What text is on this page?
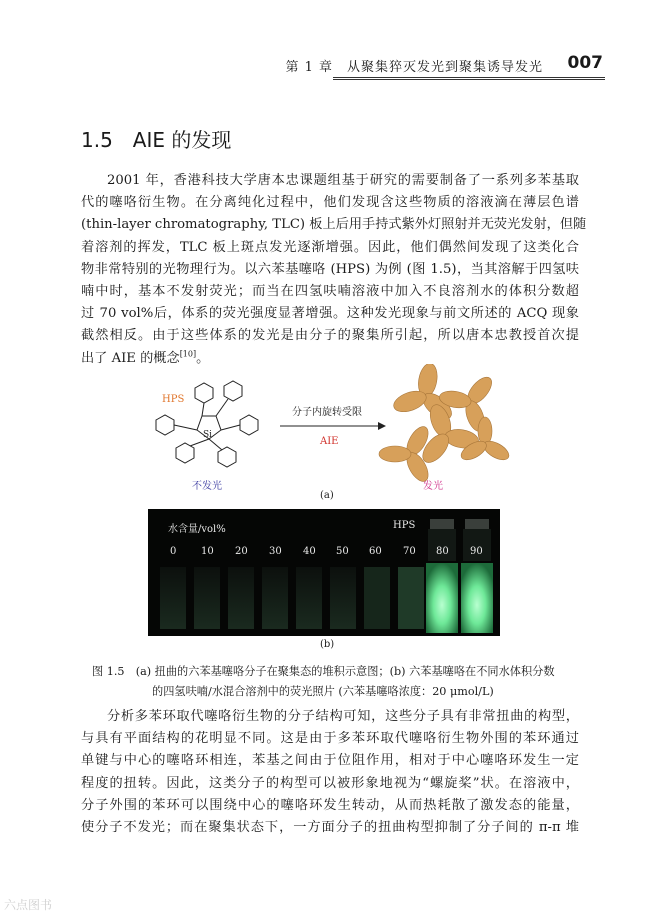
第 1 章　从聚集猝灭发光到聚集诱导发光 007
1.5　AIE 的发现
2001 年，香港科技大学唐本忠课题组基于研究的需要制备了一系列多苯基取
代的噻咯衍生物。在分离纯化过程中，他们发现含这些物质的溶液滴在薄层色谱
(thin-layer chromatography, TLC) 板上后用手持式紫外灯照射并无荧光发射，但随
着溶剂的挥发，TLC 板上斑点发光逐渐增强。因此，他们偶然间发现了这类化合
物非常特别的光物理行为。以六苯基噻咯 (HPS) 为例 (图 1.5)，当其溶解于四氢呋
喃中时，基本不发射荧光；而当在四氢呋喃溶液中加入不良溶剂水的体积分数超
过 70 vol%后，体系的荧光强度显著增强。这种发光现象与前文所述的 ACQ 现象
截然相反。由于这些体系的发光是由分子的聚集所引起，所以唐本忠教授首次提
出了 AIE 的概念[10]。
HPS
Si
分子内旋转受限
AIE
不发光	发光
(a)
水含量/vol%	HPS
0 10 20 30 40 50 60 70 80 90
(b)
图 1.5　(a) 扭曲的六苯基噻咯分子在聚集态的堆积示意图；(b) 六苯基噻咯在不同水体积分数
的四氢呋喃/水混合溶剂中的荧光照片 (六苯基噻咯浓度：20 μmol/L)
分析多苯环取代噻咯衍生物的分子结构可知，这些分子具有非常扭曲的构型，
与具有平面结构的花明显不同。这是由于多苯环取代噻咯衍生物外围的苯环通过
单键与中心的噻咯环相连，苯基之间由于位阻作用，相对于中心噻咯环发生一定
程度的扭转。因此，这类分子的构型可以被形象地视为“螺旋桨”状。在溶液中，
分子外围的苯环可以围绕中心的噻咯环发生转动，从而热耗散了激发态的能量，
使分子不发光；而在聚集状态下，一方面分子的扭曲构型抑制了分子间的 π-π 堆
六点图书
